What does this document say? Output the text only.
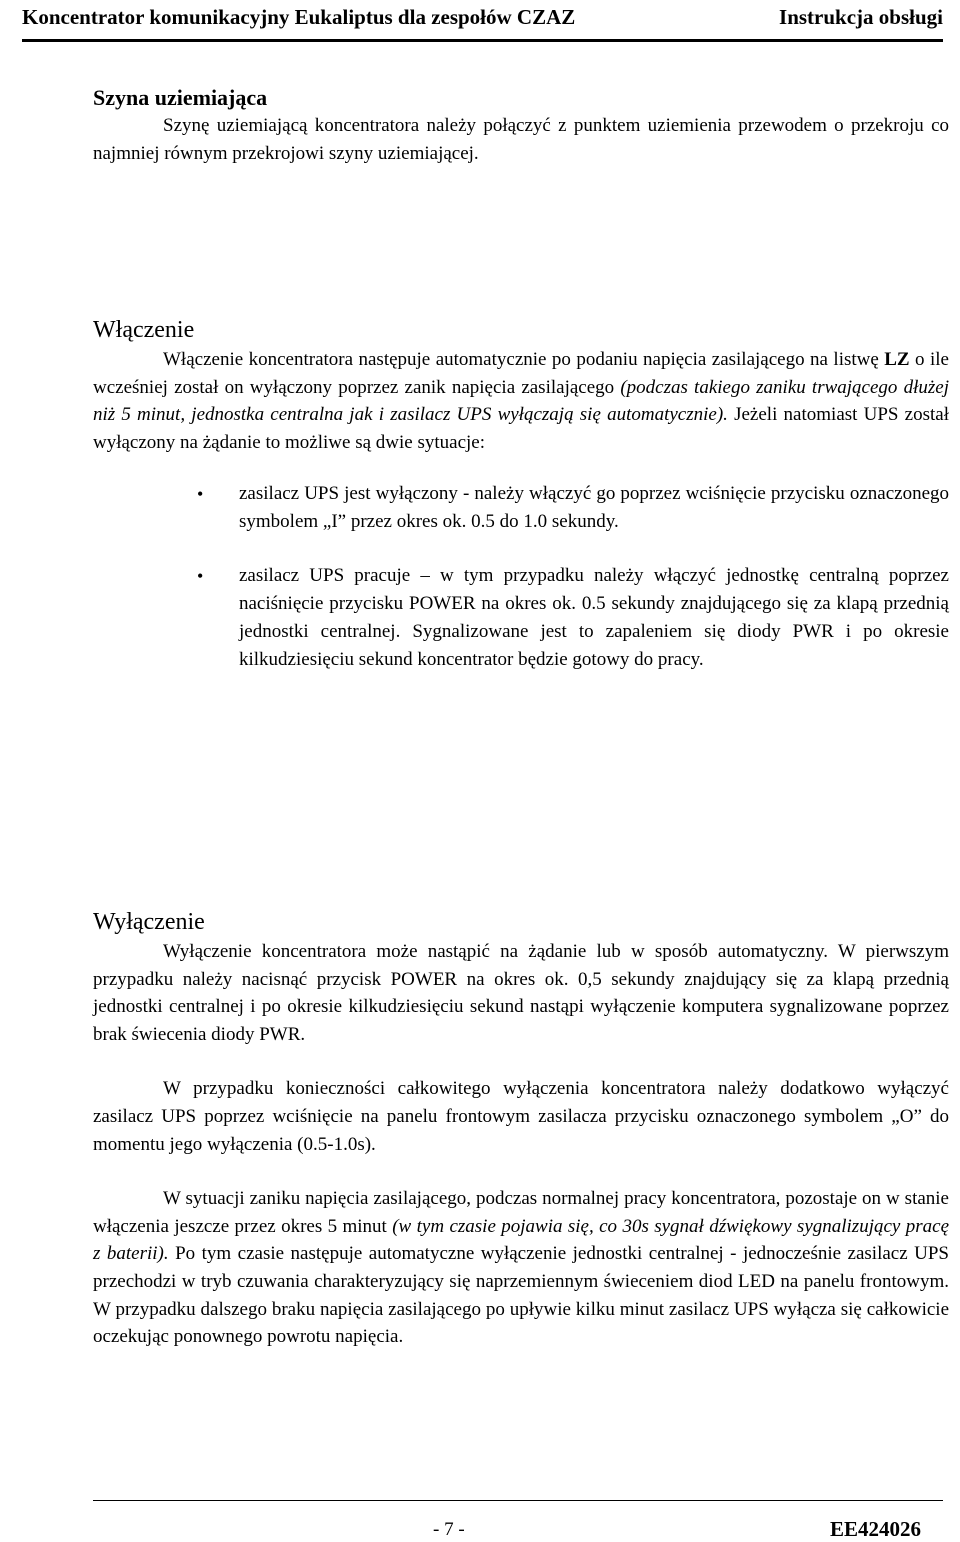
Koncentrator komunikacyjny Eukaliptus dla zespołów CZAZ	Instrukcja obsługi
Szyna uziemiająca

Szynę uziemiającą koncentratora należy połączyć z punktem uziemienia przewodem o przekroju co najmniej równym przekrojowi szyny uziemiającej.

Włączenie

Włączenie koncentratora następuje automatycznie po podaniu napięcia zasilającego na listwę LZ o ile wcześniej został on wyłączony poprzez zanik napięcia zasilającego (podczas takiego zaniku trwającego dłużej niż 5 minut, jednostka centralna jak i zasilacz UPS wyłączają się automatycznie). Jeżeli natomiast UPS został wyłączony na żądanie to możliwe są dwie sytuacje:

• zasilacz UPS jest wyłączony - należy włączyć go poprzez wciśnięcie przycisku oznaczonego symbolem „I” przez okres ok. 0.5 do 1.0 sekundy.
• zasilacz UPS pracuje – w tym przypadku należy włączyć jednostkę centralną poprzez naciśnięcie przycisku POWER na okres ok. 0.5 sekundy znajdującego się za klapą przednią jednostki centralnej. Sygnalizowane jest to zapaleniem się diody PWR i po okresie kilkudziesięciu sekund koncentrator będzie gotowy do pracy.
Wyłączenie

Wyłączenie koncentratora może nastąpić na żądanie lub w sposób automatyczny. W pierwszym przypadku należy nacisnąć przycisk POWER na okres ok. 0,5 sekundy znajdujący się za klapą przednią jednostki centralnej i po okresie kilkudziesięciu sekund nastąpi wyłączenie komputera sygnalizowane poprzez brak świecenia diody PWR.

W przypadku konieczności całkowitego wyłączenia koncentratora należy dodatkowo wyłączyć zasilacz UPS poprzez wciśnięcie na panelu frontowym zasilacza przycisku oznaczonego symbolem „O” do momentu jego wyłączenia (0.5-1.0s).

W sytuacji zaniku napięcia zasilającego, podczas normalnej pracy koncentratora, pozostaje on w stanie włączenia jeszcze przez okres 5 minut (w tym czasie pojawia się, co 30s sygnał dźwiękowy sygnalizujący pracę z baterii). Po tym czasie następuje automatyczne wyłączenie jednostki centralnej - jednocześnie zasilacz UPS przechodzi w tryb czuwania charakteryzujący się naprzemiennym świeceniem diod LED na panelu frontowym. W przypadku dalszego braku napięcia zasilającego po upływie kilku minut zasilacz UPS wyłącza się całkowicie oczekując ponownego powrotu napięcia.

- 7 -	EE424026
